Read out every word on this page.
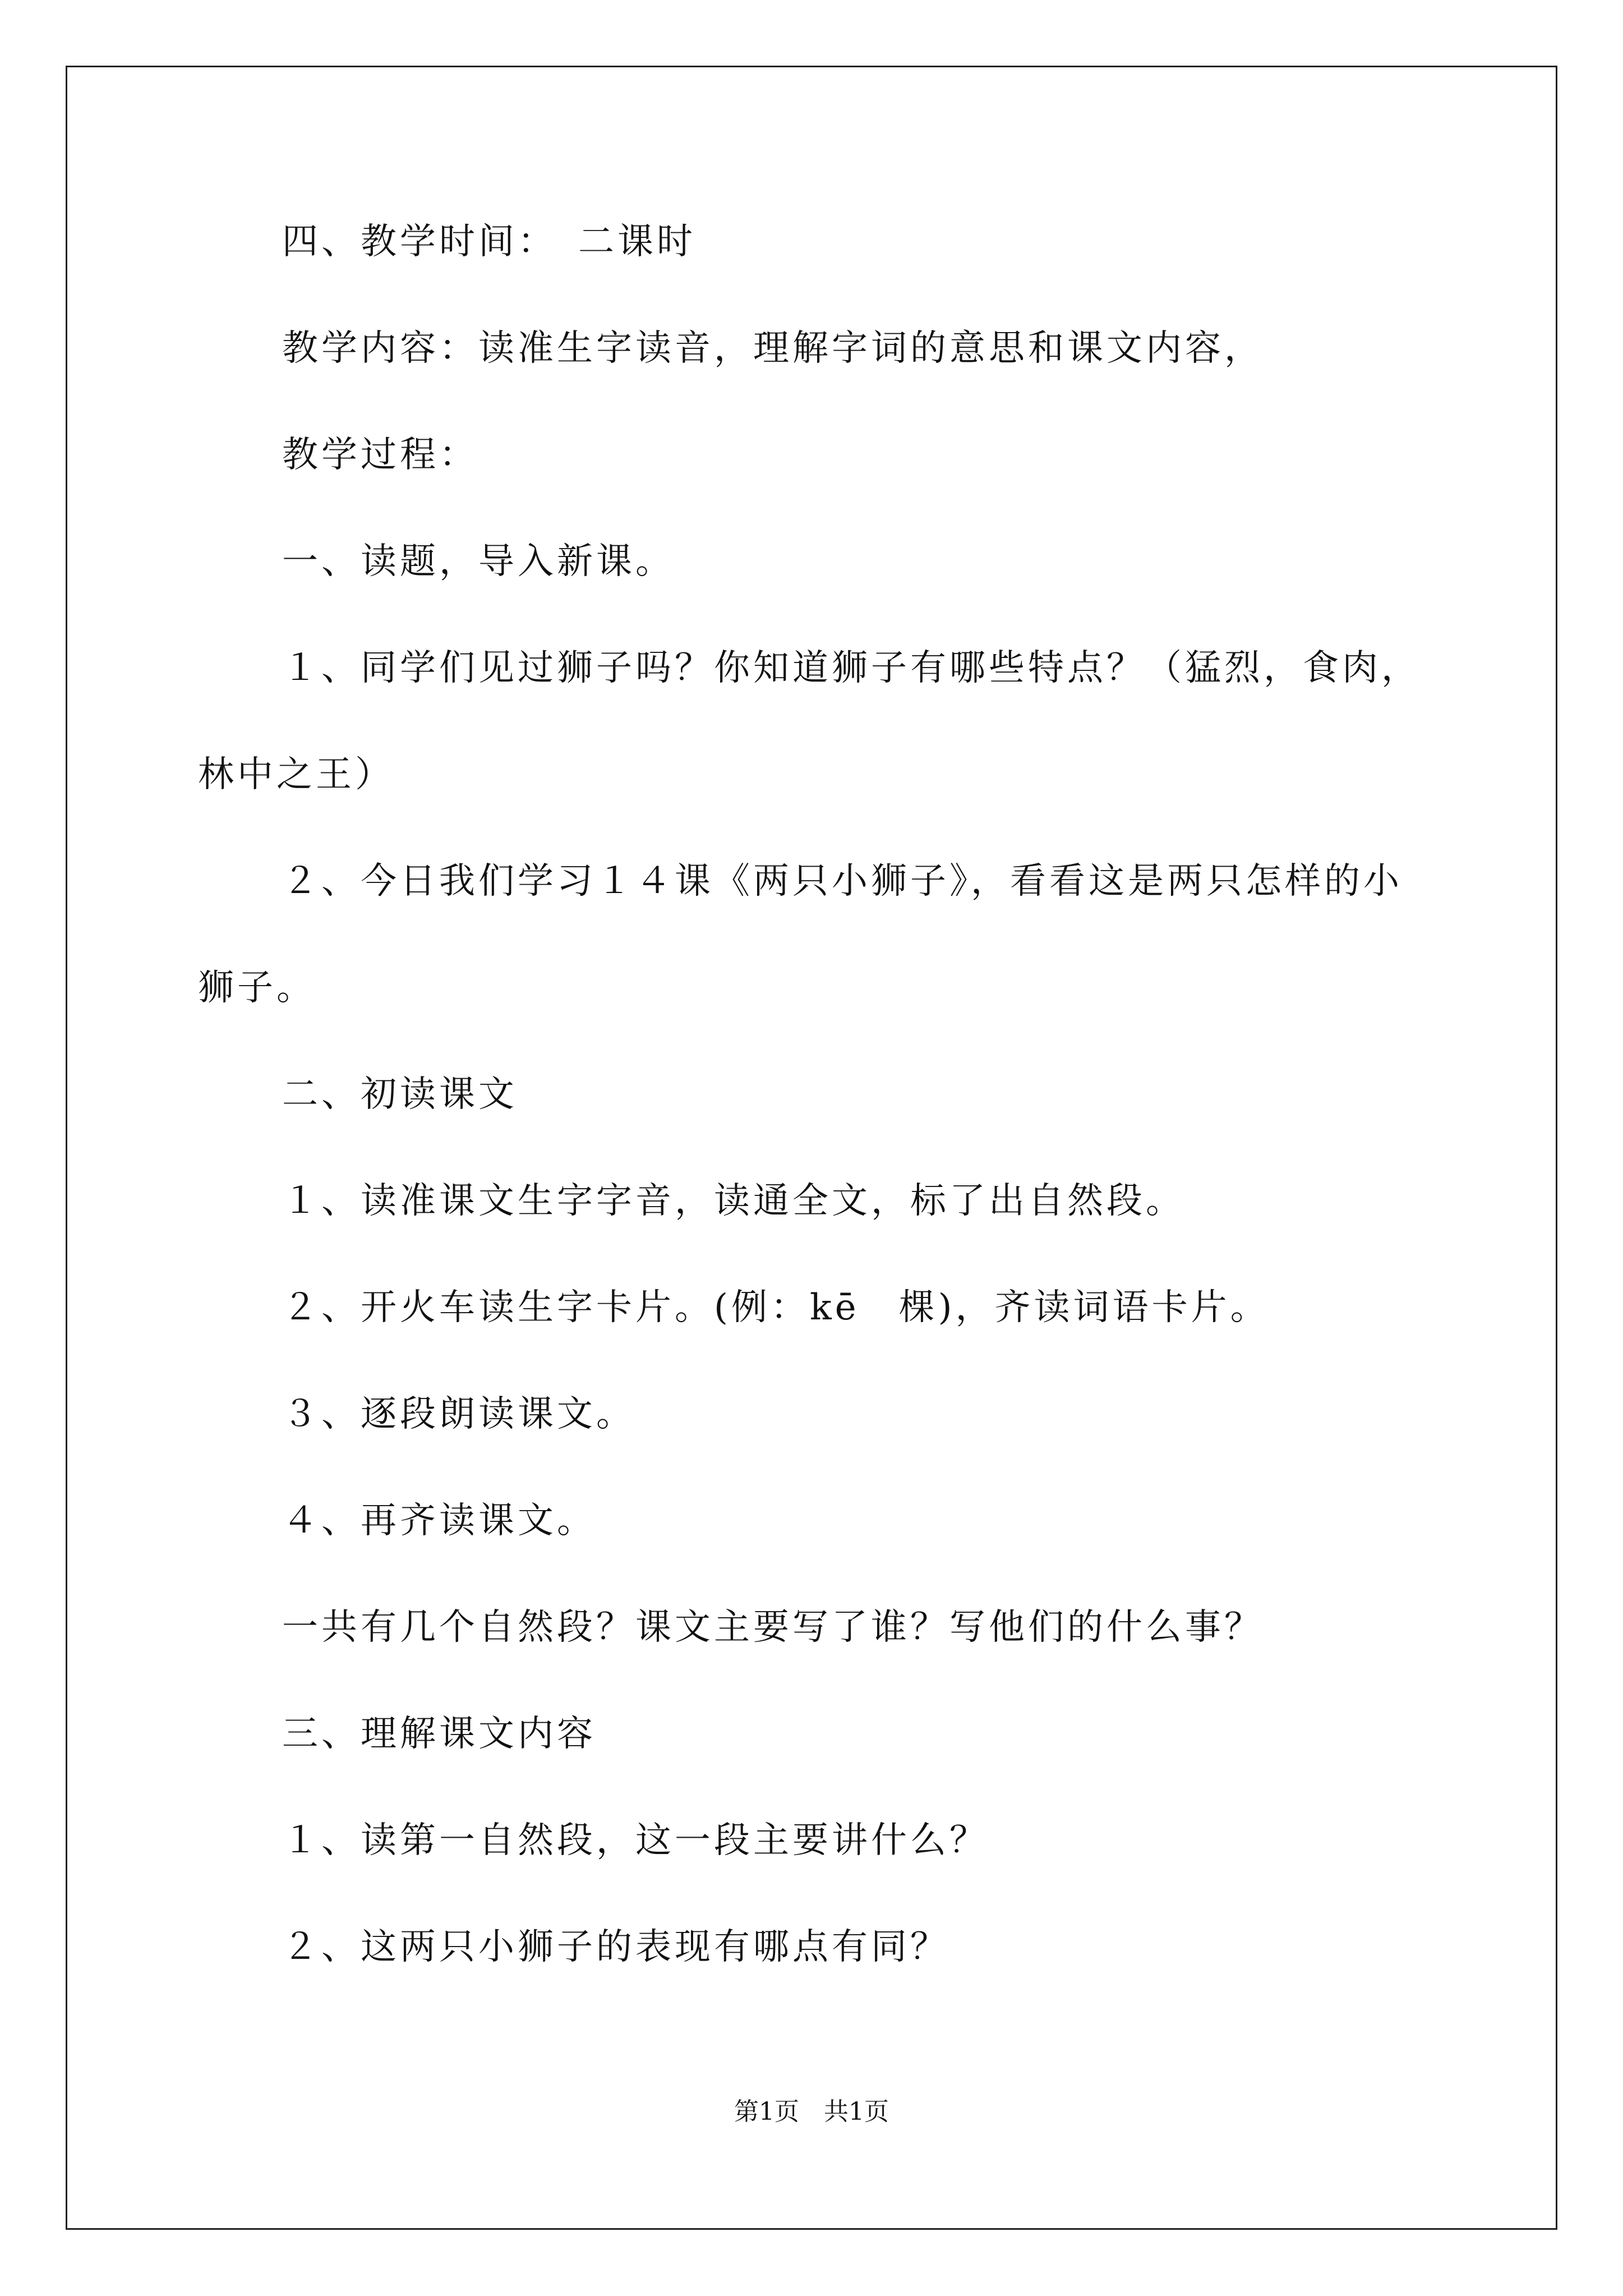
四、教学时间：　二课时
教学内容：读准生字读音，理解字词的意思和课文内容，
教学过程：
一、读题，导入新课。
１、同学们见过狮子吗？你知道狮子有哪些特点？（猛烈，食肉，
林中之王）
２、今日我们学习１４课《两只小狮子》，看看这是两只怎样的小
狮子。
二、初读课文
１、读准课文生字字音，读通全文，标了出自然段。
２、开火车读生字卡片。(例：kē　棵)，齐读词语卡片。
３、逐段朗读课文。
４、再齐读课文。
一共有几个自然段？课文主要写了谁？写他们的什么事？
三、理解课文内容
１、读第一自然段，这一段主要讲什么？
２、这两只小狮子的表现有哪点有同？
第1页　共1页
